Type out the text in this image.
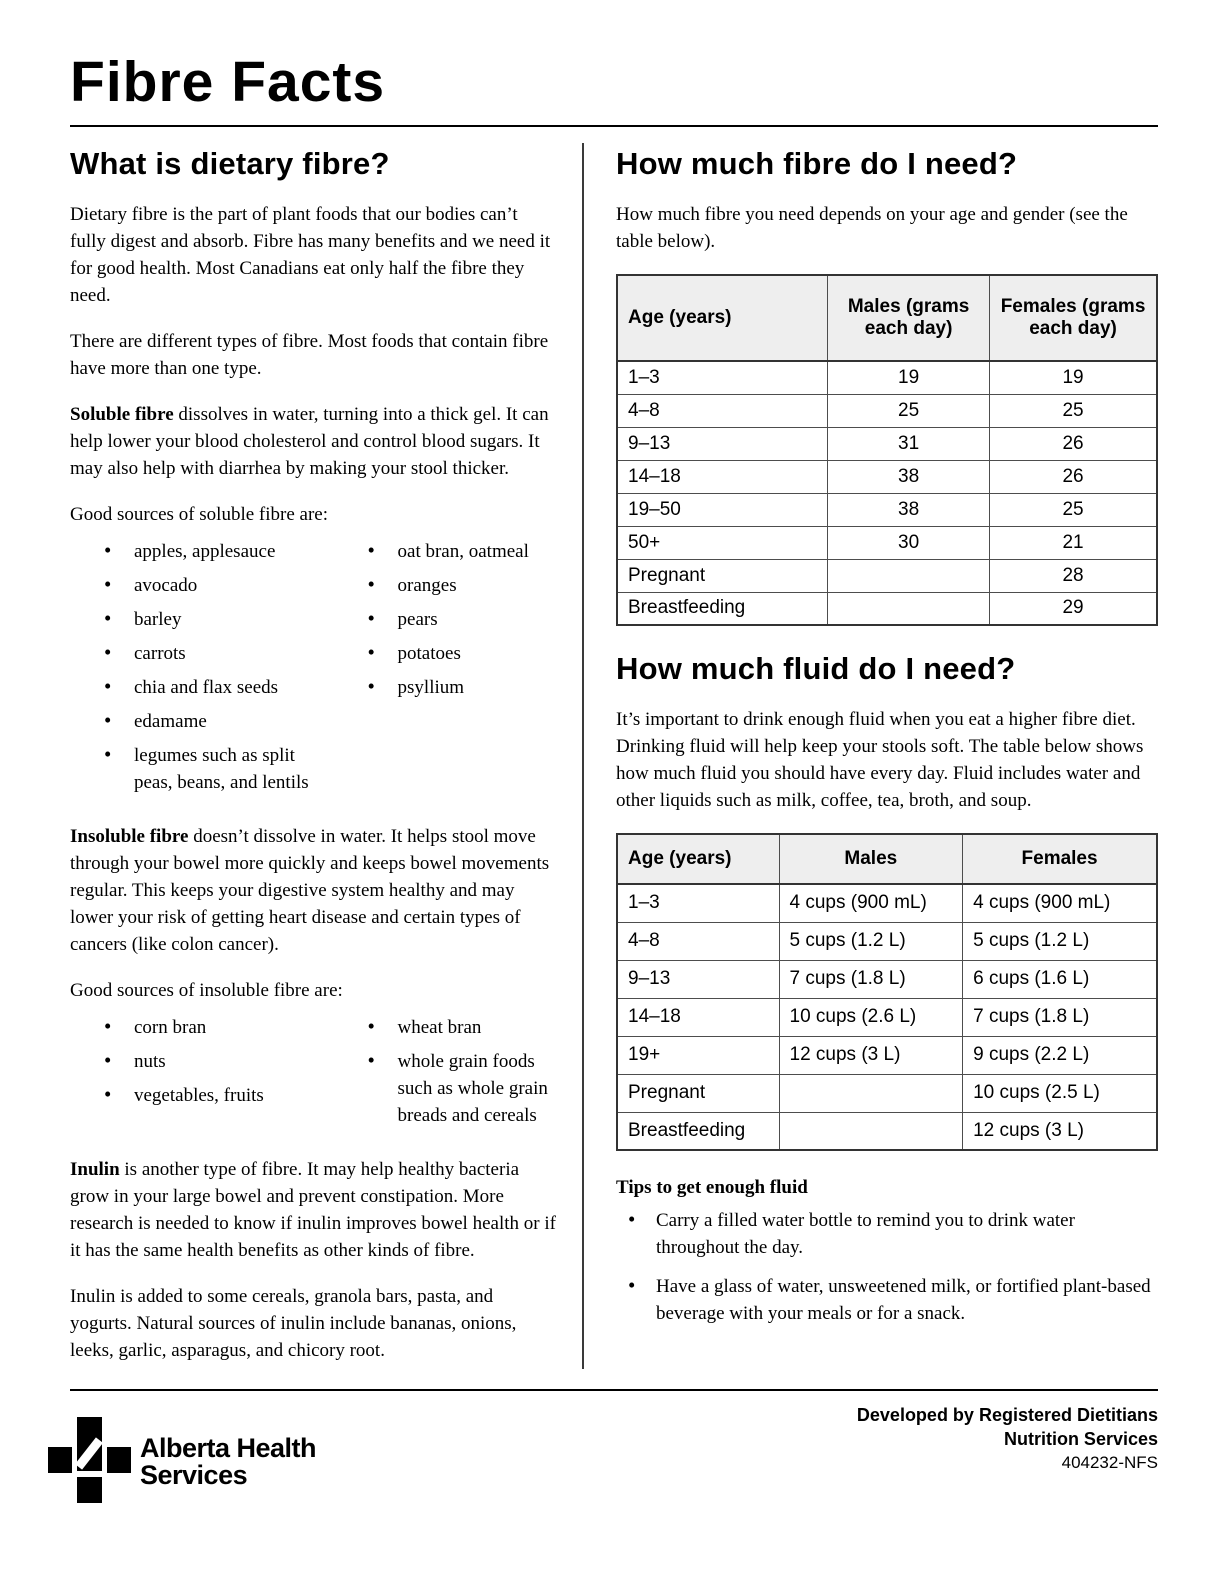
Fibre Facts
What is dietary fibre?

Dietary fibre is the part of plant foods that our bodies can’t fully digest and absorb. Fibre has many benefits and we need it for good health. Most Canadians eat only half the fibre they need.

There are different types of fibre. Most foods that contain fibre have more than one type.

Soluble fibre dissolves in water, turning into a thick gel. It can help lower your blood cholesterol and control blood sugars. It may also help with diarrhea by making your stool thicker.

Good sources of soluble fibre are:

• apples, applesauce
• avocado
• barley
• carrots
• chia and flax seeds
• edamame
• legumes such as split peas, beans, and lentils
• oat bran, oatmeal
• oranges
• pears
• potatoes
• psyllium

Insoluble fibre doesn’t dissolve in water. It helps stool move through your bowel more quickly and keeps bowel movements regular. This keeps your digestive system healthy and may lower your risk of getting heart disease and certain types of cancers (like colon cancer).

Good sources of insoluble fibre are:

• corn bran
• nuts
• vegetables, fruits
• wheat bran
• whole grain foods such as whole grain breads and cereals

Inulin is another type of fibre. It may help healthy bacteria grow in your large bowel and prevent constipation. More research is needed to know if inulin improves bowel health or if it has the same health benefits as other kinds of fibre.

Inulin is added to some cereals, granola bars, pasta, and yogurts. Natural sources of inulin include bananas, onions, leeks, garlic, asparagus, and chicory root.

How much fibre do I need?

How much fibre you need depends on your age and gender (see the table below).

Age (years)	Males (grams each day)	Females (grams each day)
1–3	19	19
4–8	25	25
9–13	31	26
14–18	38	26
19–50	38	25
50+	30	21
Pregnant		28
Breastfeeding		29
How much fluid do I need?

It’s important to drink enough fluid when you eat a higher fibre diet. Drinking fluid will help keep your stools soft. The table below shows how much fluid you should have every day. Fluid includes water and other liquids such as milk, coffee, tea, broth, and soup.

Age (years)	Males	Females
1–3	4 cups (900 mL)	4 cups (900 mL)
4–8	5 cups (1.2 L)	5 cups (1.2 L)
9–13	7 cups (1.8 L)	6 cups (1.6 L)
14–18	10 cups (2.6 L)	7 cups (1.8 L)
19+	12 cups (3 L)	9 cups (2.2 L)
Pregnant		10 cups (2.5 L)
Breastfeeding		12 cups (3 L)

Tips to get enough fluid

• Carry a filled water bottle to remind you to drink water throughout the day.
• Have a glass of water, unsweetened milk, or fortified plant-based beverage with your meals or for a snack.
Alberta Health
Services
Developed by Registered Dietitians
Nutrition Services
404232-NFS
